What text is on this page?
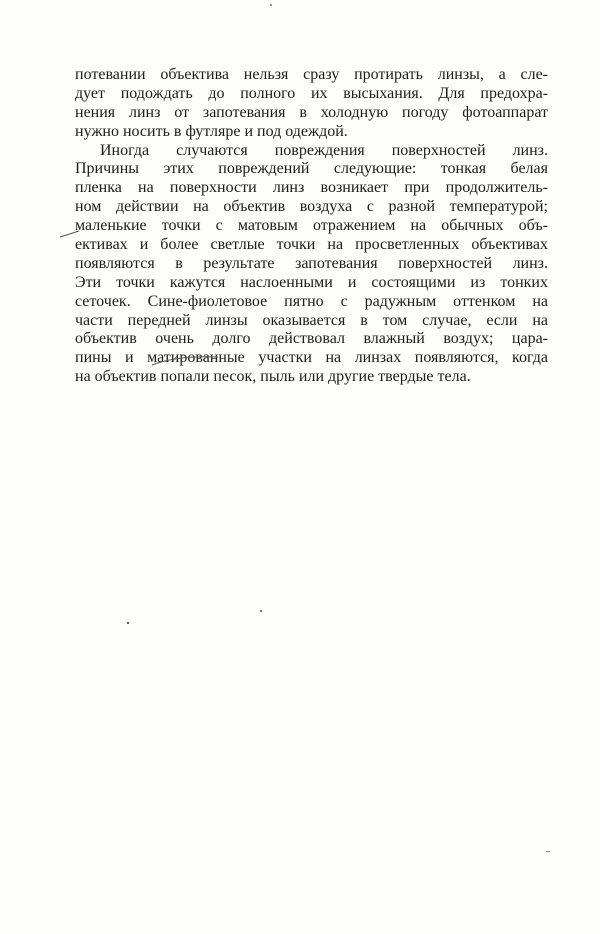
потевании объектива нельзя сразу протирать линзы, а сле-
дует подождать до полного их высыхания. Для предохра-
нения линз от запотевания в холодную погоду фотоаппарат
нужно носить в футляре и под одеждой.
Иногда случаются повреждения поверхностей линз.
Причины этих повреждений следующие: тонкая белая
пленка на поверхности линз возникает при продолжитель-
ном действии на объектив воздуха с разной температурой;
маленькие точки с матовым отражением на обычных объ-
ективах и более светлые точки на просветленных объективах
появляются в результате запотевания поверхностей линз.
Эти точки кажутся наслоенными и состоящими из тонких
сеточек. Сине-фиолетовое пятно с радужным оттенком на
части передней линзы оказывается в том случае, если на
объектив очень долго действовал влажный воздух; цара-
пины и матированные участки на линзах появляются, когда
на объектив попали песок, пыль или другие твердые тела.
